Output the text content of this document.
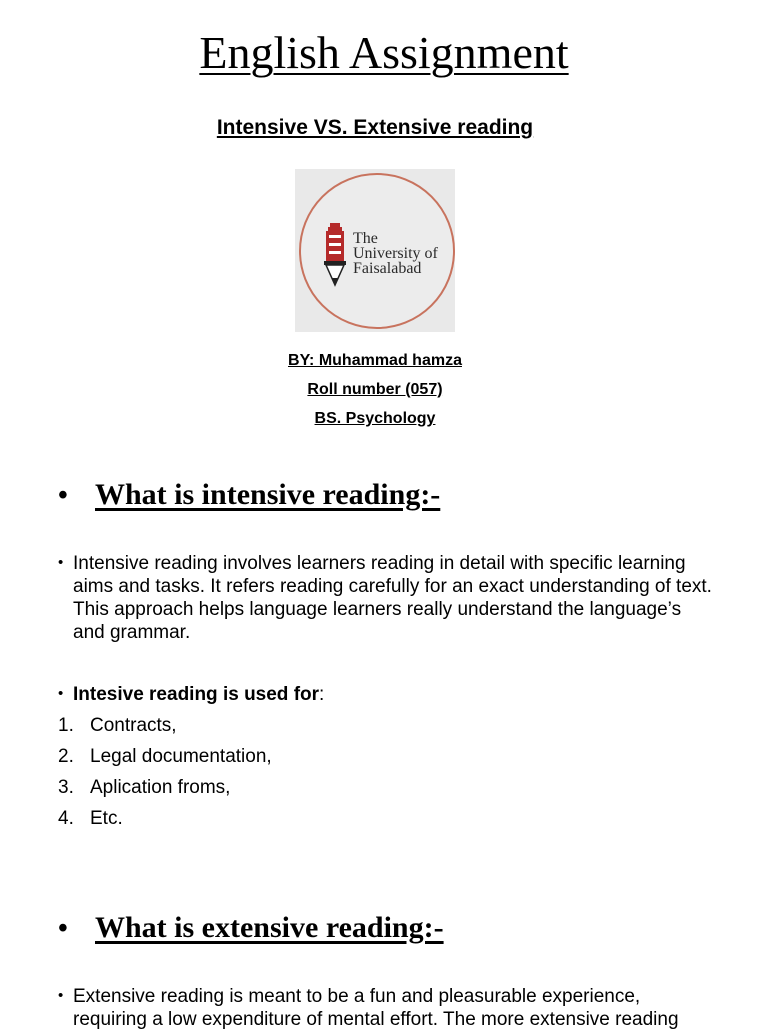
English Assignment
Intensive VS. Extensive reading
The
University of
Faisalabad
BY: Muhammad hamza
Roll number (057)
BS. Psychology
• What is intensive reading:-
• Intensive reading involves learners reading in detail with specific learning aims and tasks. It refers reading carefully for an exact understanding of text. This approach helps language learners really understand the language’s and grammar.
• Intesive reading is used for:
1. Contracts,
2. Legal documentation,
3. Aplication froms,
4. Etc.
• What is extensive reading:-
• Extensive reading is meant to be a fun and pleasurable experience, requiring a low expenditure of mental effort. The more extensive reading
